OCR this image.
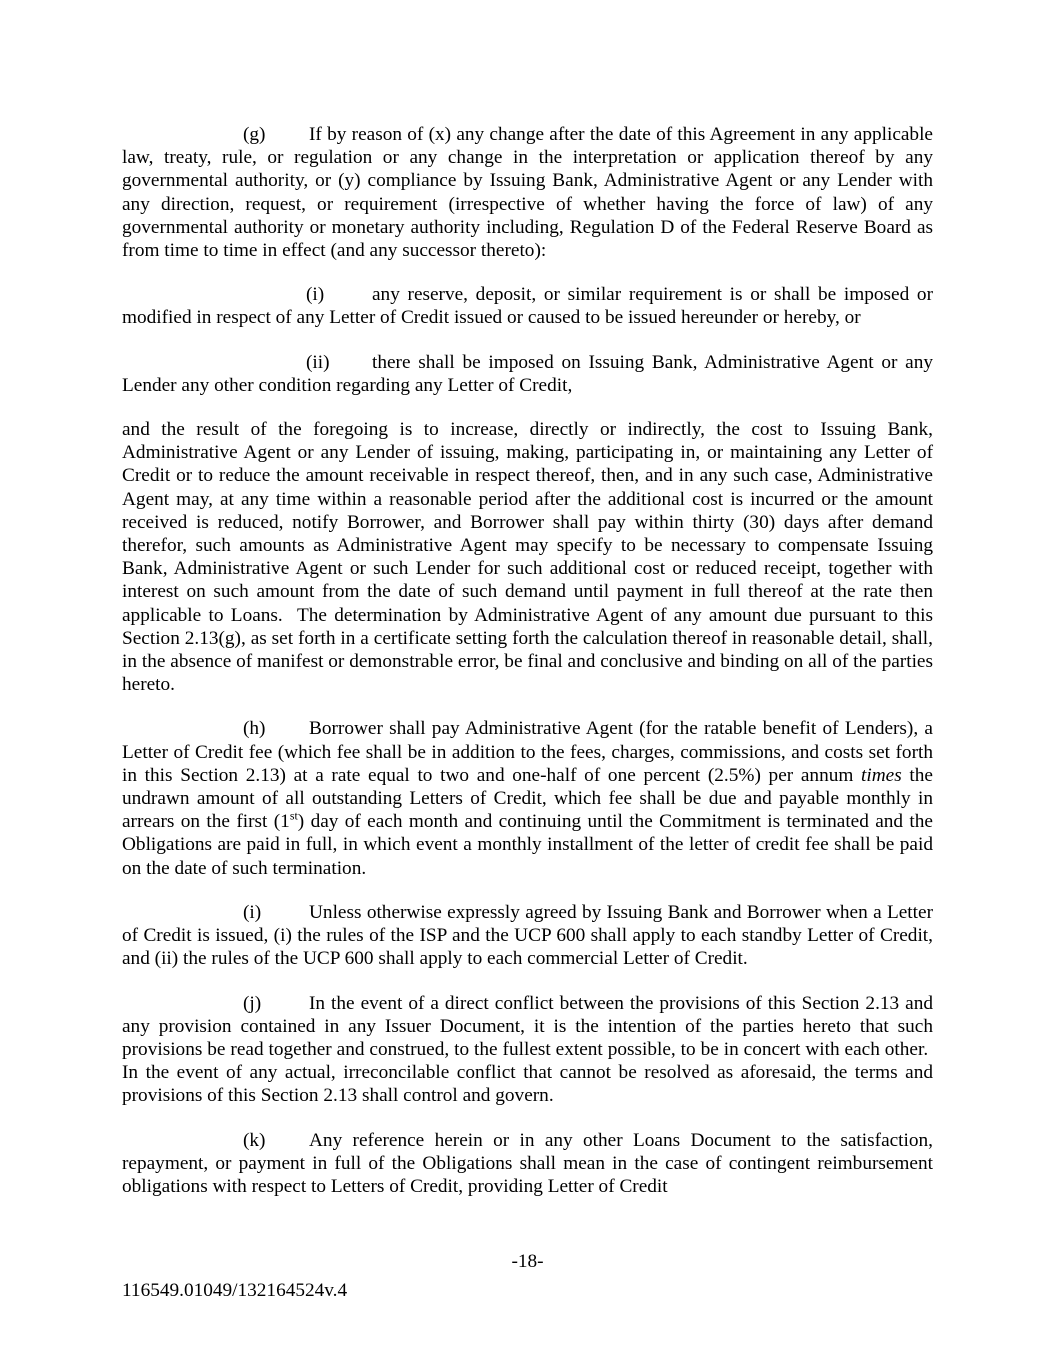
(g) If by reason of (x) any change after the date of this Agreement in any applicable law, treaty, rule, or regulation or any change in the interpretation or application thereof by any governmental authority, or (y) compliance by Issuing Bank, Administrative Agent or any Lender with any direction, request, or requirement (irrespective of whether having the force of law) of any governmental authority or monetary authority including, Regulation D of the Federal Reserve Board as from time to time in effect (and any successor thereto):
(i) any reserve, deposit, or similar requirement is or shall be imposed or modified in respect of any Letter of Credit issued or caused to be issued hereunder or hereby, or
(ii) there shall be imposed on Issuing Bank, Administrative Agent or any Lender any other condition regarding any Letter of Credit,
and the result of the foregoing is to increase, directly or indirectly, the cost to Issuing Bank, Administrative Agent or any Lender of issuing, making, participating in, or maintaining any Letter of Credit or to reduce the amount receivable in respect thereof, then, and in any such case, Administrative Agent may, at any time within a reasonable period after the additional cost is incurred or the amount received is reduced, notify Borrower, and Borrower shall pay within thirty (30) days after demand therefor, such amounts as Administrative Agent may specify to be necessary to compensate Issuing Bank, Administrative Agent or such Lender for such additional cost or reduced receipt, together with interest on such amount from the date of such demand until payment in full thereof at the rate then applicable to Loans.  The determination by Administrative Agent of any amount due pursuant to this Section 2.13(g), as set forth in a certificate setting forth the calculation thereof in reasonable detail, shall, in the absence of manifest or demonstrable error, be final and conclusive and binding on all of the parties hereto.
(h) Borrower shall pay Administrative Agent (for the ratable benefit of Lenders), a Letter of Credit fee (which fee shall be in addition to the fees, charges, commissions, and costs set forth in this Section 2.13) at a rate equal to two and one-half of one percent (2.5%) per annum times the undrawn amount of all outstanding Letters of Credit, which fee shall be due and payable monthly in arrears on the first (1st) day of each month and continuing until the Commitment is terminated and the Obligations are paid in full, in which event a monthly installment of the letter of credit fee shall be paid on the date of such termination.
(i) Unless otherwise expressly agreed by Issuing Bank and Borrower when a Letter of Credit is issued, (i) the rules of the ISP and the UCP 600 shall apply to each standby Letter of Credit, and (ii) the rules of the UCP 600 shall apply to each commercial Letter of Credit.
(j) In the event of a direct conflict between the provisions of this Section 2.13 and any provision contained in any Issuer Document, it is the intention of the parties hereto that such provisions be read together and construed, to the fullest extent possible, to be in concert with each other.  In the event of any actual, irreconcilable conflict that cannot be resolved as aforesaid, the terms and provisions of this Section 2.13 shall control and govern.
(k) Any reference herein or in any other Loans Document to the satisfaction, repayment, or payment in full of the Obligations shall mean in the case of contingent reimbursement obligations with respect to Letters of Credit, providing Letter of Credit
-18-
116549.01049/132164524v.4
